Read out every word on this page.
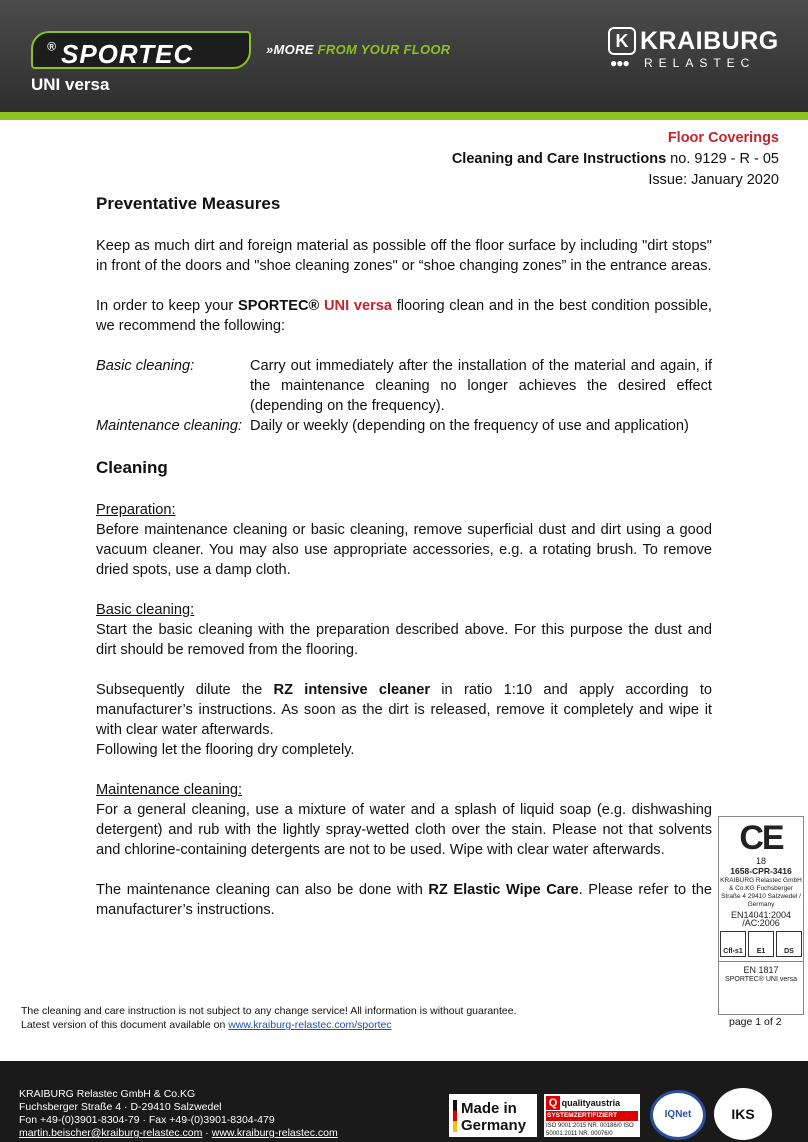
SPORTEC
®	»MORE FROM YOUR FLOOR	K KRAIBURG
●●● RELASTEC
UNI versa
Floor Coverings
Cleaning and Care Instructions no. 9129 - R - 05
Issue: January 2020
Preventative Measures

Keep as much dirt and foreign material as possible off the floor surface by including "dirt stops" in front of the doors and "shoe cleaning zones" or “shoe changing zones” in the entrance areas.

In order to keep your SPORTEC® UNI versa flooring clean and in the best condition possible, we recommend the following:

Basic cleaning:	Carry out immediately after the installation of the material and again, if the maintenance cleaning no longer achieves the desired effect (depending on the frequency).
Maintenance cleaning: Daily or weekly (depending on the frequency of use and application)
Cleaning

Preparation:
Before maintenance cleaning or basic cleaning, remove superficial dust and dirt using a good vacuum cleaner. You may also use appropriate accessories, e.g. a rotating brush. To remove dried spots, use a damp cloth.

Basic cleaning:
Start the basic cleaning with the preparation described above. For this purpose the dust and dirt should be removed from the flooring.

Subsequently dilute the RZ intensive cleaner in ratio 1:10 and apply according to manufacturer’s instructions. As soon as the dirt is released, remove it completely and wipe it with clear water afterwards.
Following let the flooring dry completely.

Maintenance cleaning:
For a general cleaning, use a mixture of water and a splash of liquid soap (e.g. dishwashing detergent) and rub with the lightly spray-wetted cloth over the stain. Please not that solvents and chlorine-containing detergents are not to be used. Wipe with clear water afterwards.

The maintenance cleaning can also be done with RZ Elastic Wipe Care. Please refer to the manufacturer’s instructions.

CE
18
1658-CPR-3416
KRAIBURG Relastec GmbH & Co.KG Fuchsberger Straße 4 29410 Salzwedel / Germany
EN14041:2004 /AC:2006
Cfl-s1	E1	DS
EN 1817
SPORTEC® UNI versa
The cleaning and care instruction is not subject to any change service! All information is without guarantee.
Latest version of this document available on www.kraiburg-relastec.com/sportec	page 1 of 2
KRAIBURG Relastec GmbH & Co.KG
Fuchsberger Straße 4 · D-29410 Salzwedel
Fon +49-(0)3901-8304-79 · Fax +49-(0)3901-8304-479
martin.beischer@kraiburg-relastec.com · www.kraiburg-relastec.com
Made in
Germany
Q qualityaustria
SYSTEMZERTIFIZIERT
ISO 9001:2015 NR. 00186/0 ISO 50001:2011 NR. 00076/0
IQNet	IKS
